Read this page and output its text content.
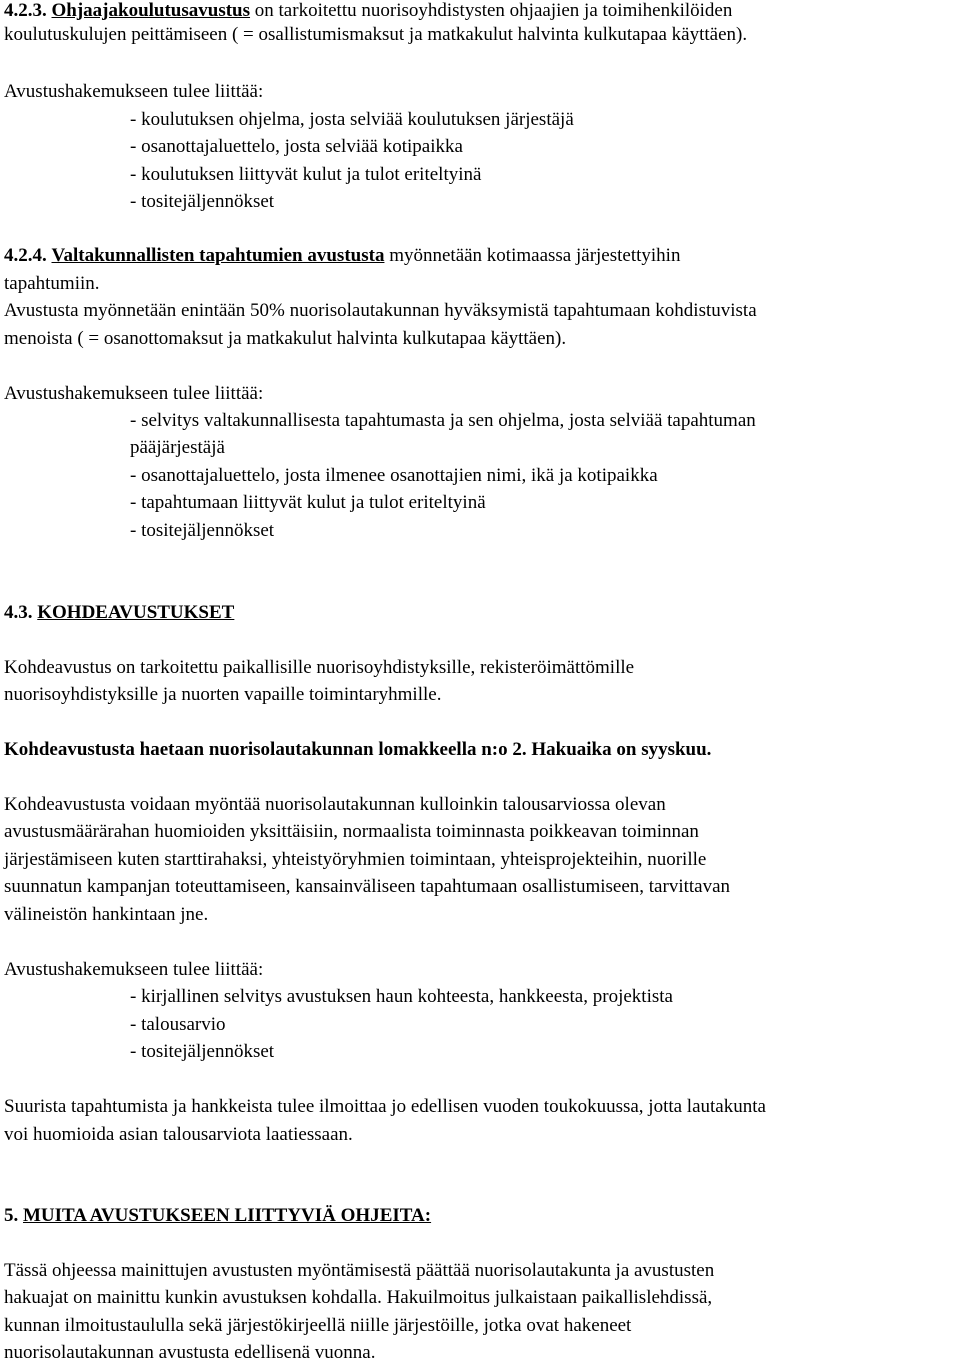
4.2.3. Ohjaajakoulutusavustus on tarkoitettu nuorisoyhdistysten ohjaajien ja toimihenkilöiden
koulutuskulujen peittämiseen ( = osallistumismaksut ja matkakulut halvinta kulkutapaa käyttäen).
Avustushakemukseen tulee liittää:
- koulutuksen ohjelma, josta selviää koulutuksen järjestäjä
- osanottajaluettelo, josta selviää kotipaikka
- koulutuksen liittyvät kulut ja tulot eriteltyinä
- tositejäljennökset
4.2.4. Valtakunnallisten tapahtumien avustusta myönnetään kotimaassa järjestettyihin
tapahtumiin.
Avustusta myönnetään enintään 50% nuorisolautakunnan hyväksymistä tapahtumaan kohdistuvista
menoista ( = osanottomaksut ja matkakulut halvinta kulkutapaa käyttäen).
Avustushakemukseen tulee liittää:
- selvitys valtakunnallisesta tapahtumasta ja sen ohjelma, josta selviää tapahtuman
pääjärjestäjä
- osanottajaluettelo, josta ilmenee osanottajien nimi, ikä ja kotipaikka
- tapahtumaan liittyvät kulut ja tulot eriteltyinä
- tositejäljennökset
4.3. KOHDEAVUSTUKSET
Kohdeavustus on tarkoitettu paikallisille nuorisoyhdistyksille, rekisteröimättömille
nuorisoyhdistyksille ja nuorten vapaille toimintaryhmille.
Kohdeavustusta haetaan nuorisolautakunnan lomakkeella n:o 2. Hakuaika on syyskuu.
Kohdeavustusta voidaan myöntää nuorisolautakunnan kulloinkin talousarviossa olevan
avustusmäärärahan huomioiden yksittäisiin, normaalista toiminnasta poikkeavan toiminnan
järjestämiseen kuten starttirahaksi, yhteistyöryhmien toimintaan, yhteisprojekteihin, nuorille
suunnatun kampanjan toteuttamiseen, kansainväliseen tapahtumaan osallistumiseen, tarvittavan
välineistön hankintaan jne.
Avustushakemukseen tulee liittää:
- kirjallinen selvitys avustuksen haun kohteesta, hankkeesta, projektista
- talousarvio
- tositejäljennökset
Suurista tapahtumista ja hankkeista tulee ilmoittaa jo edellisen vuoden toukokuussa, jotta lautakunta
voi huomioida asian talousarviota laatiessaan.
5. MUITA AVUSTUKSEEN LIITTYVIÄ OHJEITA:
Tässä ohjeessa mainittujen avustusten myöntämisestä päättää nuorisolautakunta ja avustusten
hakuajat on mainittu kunkin avustuksen kohdalla. Hakuilmoitus julkaistaan paikallislehdissä,
kunnan ilmoitustaululla sekä järjestökirjeellä niille järjestöille, jotka ovat hakeneet
nuorisolautakunnan avustusta edellisenä vuonna.
